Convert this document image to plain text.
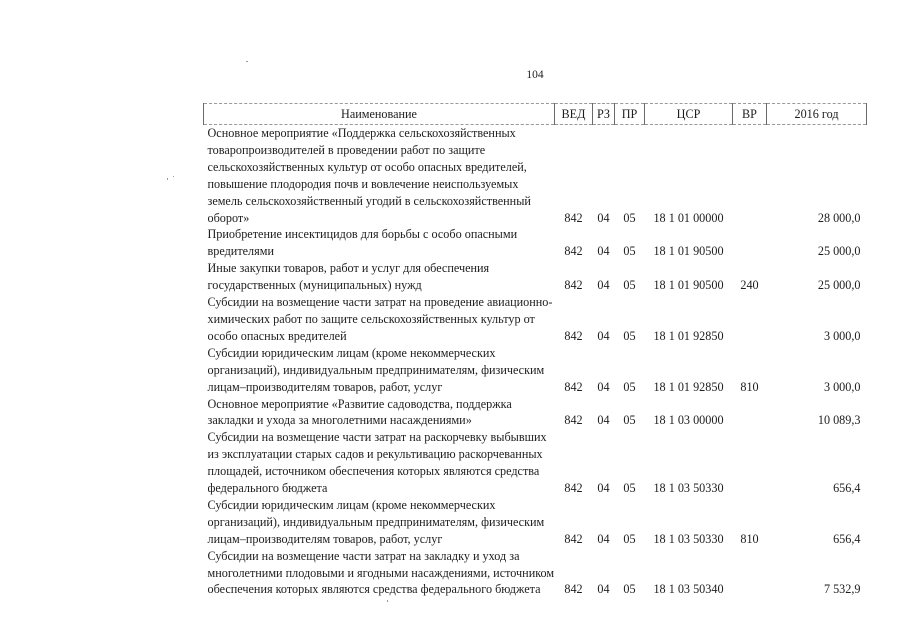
104
Наименование	ВЕД	РЗ	ПР	ЦСР	ВР	2016 год
Основное мероприятие «Поддержка сельскохозяйственных товаропроизводителей в проведении работ по защите сельскохозяйственных культур от особо опасных вредителей, повышение плодородия почв и вовлечение неиспользуемых земель сельскохозяйственный угодий в сельскохозяйственный оборот»	842	04	05	18 1 01 00000		28 000,0
Приобретение инсектицидов для борьбы с особо опасными вредителями	842	04	05	18 1 01 90500		25 000,0
Иные закупки товаров, работ и услуг для обеспечения государственных (муниципальных) нужд	842	04	05	18 1 01 90500	240	25 000,0
Субсидии на возмещение части затрат на проведение авиационно-химических работ по защите сельскохозяйственных культур от особо опасных вредителей	842	04	05	18 1 01 92850		3 000,0
Субсидии юридическим лицам (кроме некоммерческих организаций), индивидуальным предпринимателям, физическим лицам–производителям товаров, работ, услуг	842	04	05	18 1 01 92850	810	3 000,0
Основное мероприятие «Развитие садоводства, поддержка закладки и ухода за многолетними насаждениями»	842	04	05	18 1 03 00000		10 089,3
Субсидии на возмещение части затрат на раскорчевку выбывших из эксплуатации старых садов и рекультивацию раскорчеванных площадей, источником обеспечения которых являются средства федерального бюджета	842	04	05	18 1 03 50330		656,4
Субсидии юридическим лицам (кроме некоммерческих организаций), индивидуальным предпринимателям, физическим лицам–производителям товаров, работ, услуг	842	04	05	18 1 03 50330	810	656,4
Субсидии на возмещение части затрат на закладку и уход за многолетними плодовыми и ягодными насаждениями, источником обеспечения которых являются средства федерального бюджета	842	04	05	18 1 03 50340		7 532,9
